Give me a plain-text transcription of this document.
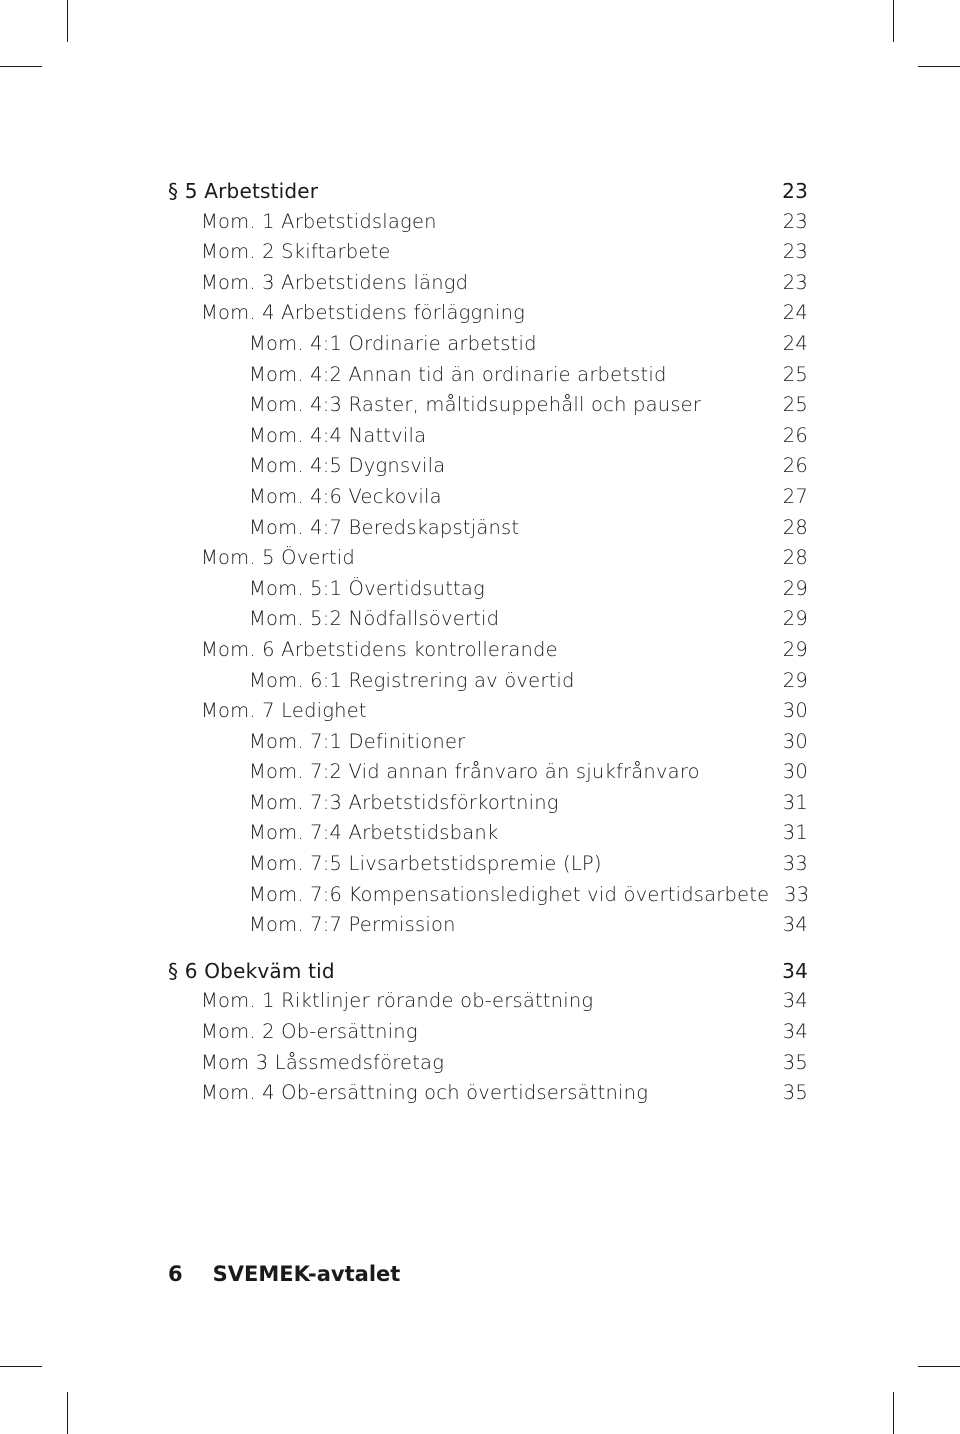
§ 5 Arbetstider	23
Mom. 1 Arbetstidslagen	23
Mom. 2 Skiftarbete	23
Mom. 3 Arbetstidens längd	23
Mom. 4 Arbetstidens förläggning	24
Mom. 4:1 Ordinarie arbetstid	24
Mom. 4:2 Annan tid än ordinarie arbetstid	25
Mom. 4:3 Raster, måltidsuppehåll och pauser	25
Mom. 4:4 Nattvila	26
Mom. 4:5 Dygnsvila	26
Mom. 4:6 Veckovila	27
Mom. 4:7 Beredskapstjänst	28
Mom. 5 Övertid	28
Mom. 5:1 Övertidsuttag	29
Mom. 5:2 Nödfallsövertid	29
Mom. 6 Arbetstidens kontrollerande	29
Mom. 6:1 Registrering av övertid	29
Mom. 7 Ledighet	30
Mom. 7:1 Definitioner	30
Mom. 7:2 Vid annan frånvaro än sjukfrånvaro	30
Mom. 7:3 Arbetstidsförkortning	31
Mom. 7:4 Arbetstidsbank	31
Mom. 7:5 Livsarbetstidspremie (LP)	33
Mom. 7:6 Kompensationsledighet vid övertidsarbete 33
Mom. 7:7 Permission	34
§ 6 Obekväm tid	34
Mom. 1 Riktlinjer rörande ob-ersättning	34
Mom. 2 Ob-ersättning	34
Mom 3 Låssmedsföretag	35
Mom. 4 Ob-ersättning och övertidsersättning	35
6 SVEMEK-avtalet
